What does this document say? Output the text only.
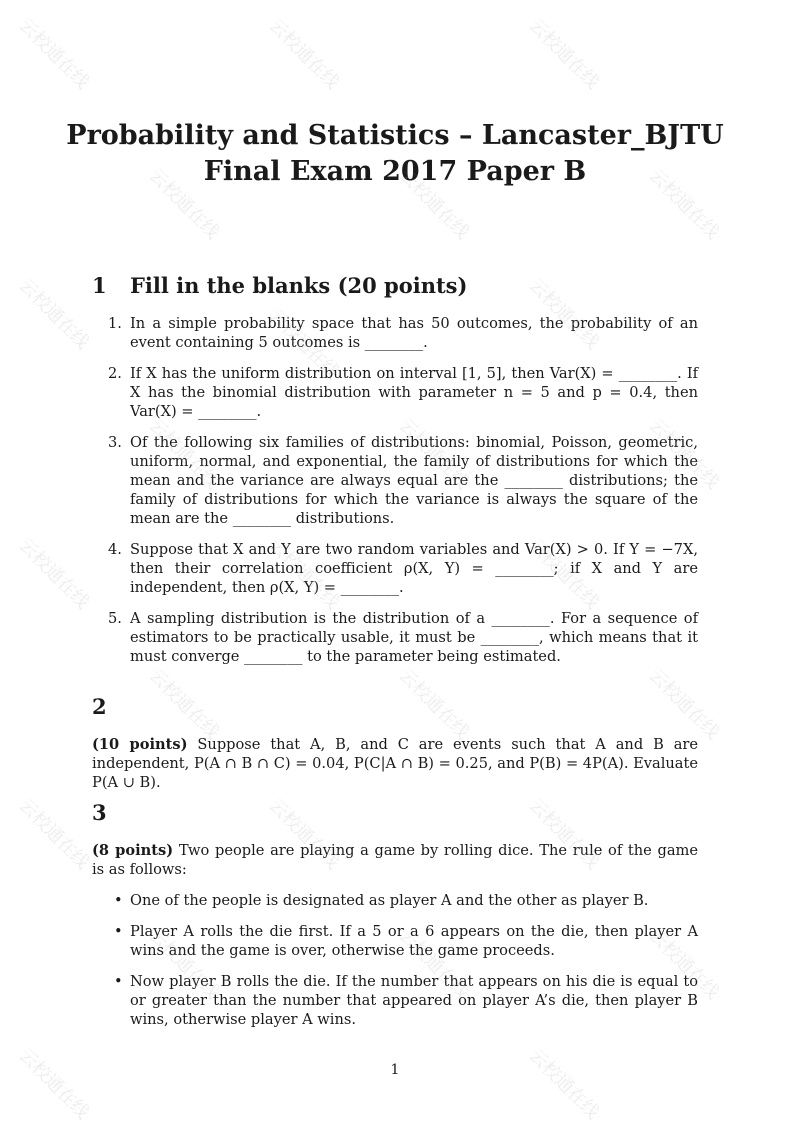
Probability and Statistics – Lancaster_BJTU
Final Exam 2017 Paper B
1 Fill in the blanks (20 points)
1. In a simple probability space that has 50 outcomes, the probability of an event containing 5 outcomes is ________.
2. If X has the uniform distribution on interval [1, 5], then Var(X) = ________. If X has the binomial distribution with parameter n = 5 and p = 0.4, then Var(X) = ________.
3. Of the following six families of distributions: binomial, Poisson, geometric, uniform, normal, and exponential, the family of distributions for which the mean and the variance are always equal are the ________ distributions; the family of distributions for which the variance is always the square of the mean are the ________ distributions.
4. Suppose that X and Y are two random variables and Var(X) > 0. If Y = −7X, then their correlation coefficient ρ(X, Y) = ________; if X and Y are independent, then ρ(X, Y) = ________.
5. A sampling distribution is the distribution of a ________. For a sequence of estimators to be practically usable, it must be ________, which means that it must converge ________ to the parameter being estimated.
2
(10 points) Suppose that A, B, and C are events such that A and B are independent, P(A ∩ B ∩ C) = 0.04, P(C|A ∩ B) = 0.25, and P(B) = 4P(A). Evaluate P(A ∪ B).
3
(8 points) Two people are playing a game by rolling dice. The rule of the game is as follows:
• One of the people is designated as player A and the other as player B.
• Player A rolls the die first. If a 5 or a 6 appears on the die, then player A wins and the game is over, otherwise the game proceeds.
• Now player B rolls the die. If the number that appears on his die is equal to or greater than the number that appeared on player A’s die, then player B wins, otherwise player A wins.
1
云校通在线	云校通在线	云校通在线
云校通在线	云校通在线	云校通在线
云校通在线	云校通在线	云校通在线
云校通在线	云校通在线	云校通在线
云校通在线	云校通在线	云校通在线
云校通在线	云校通在线	云校通在线
云校通在线	云校通在线	云校通在线
云校通在线	云校通在线	云校通在线
云校通在线	云校通在线
